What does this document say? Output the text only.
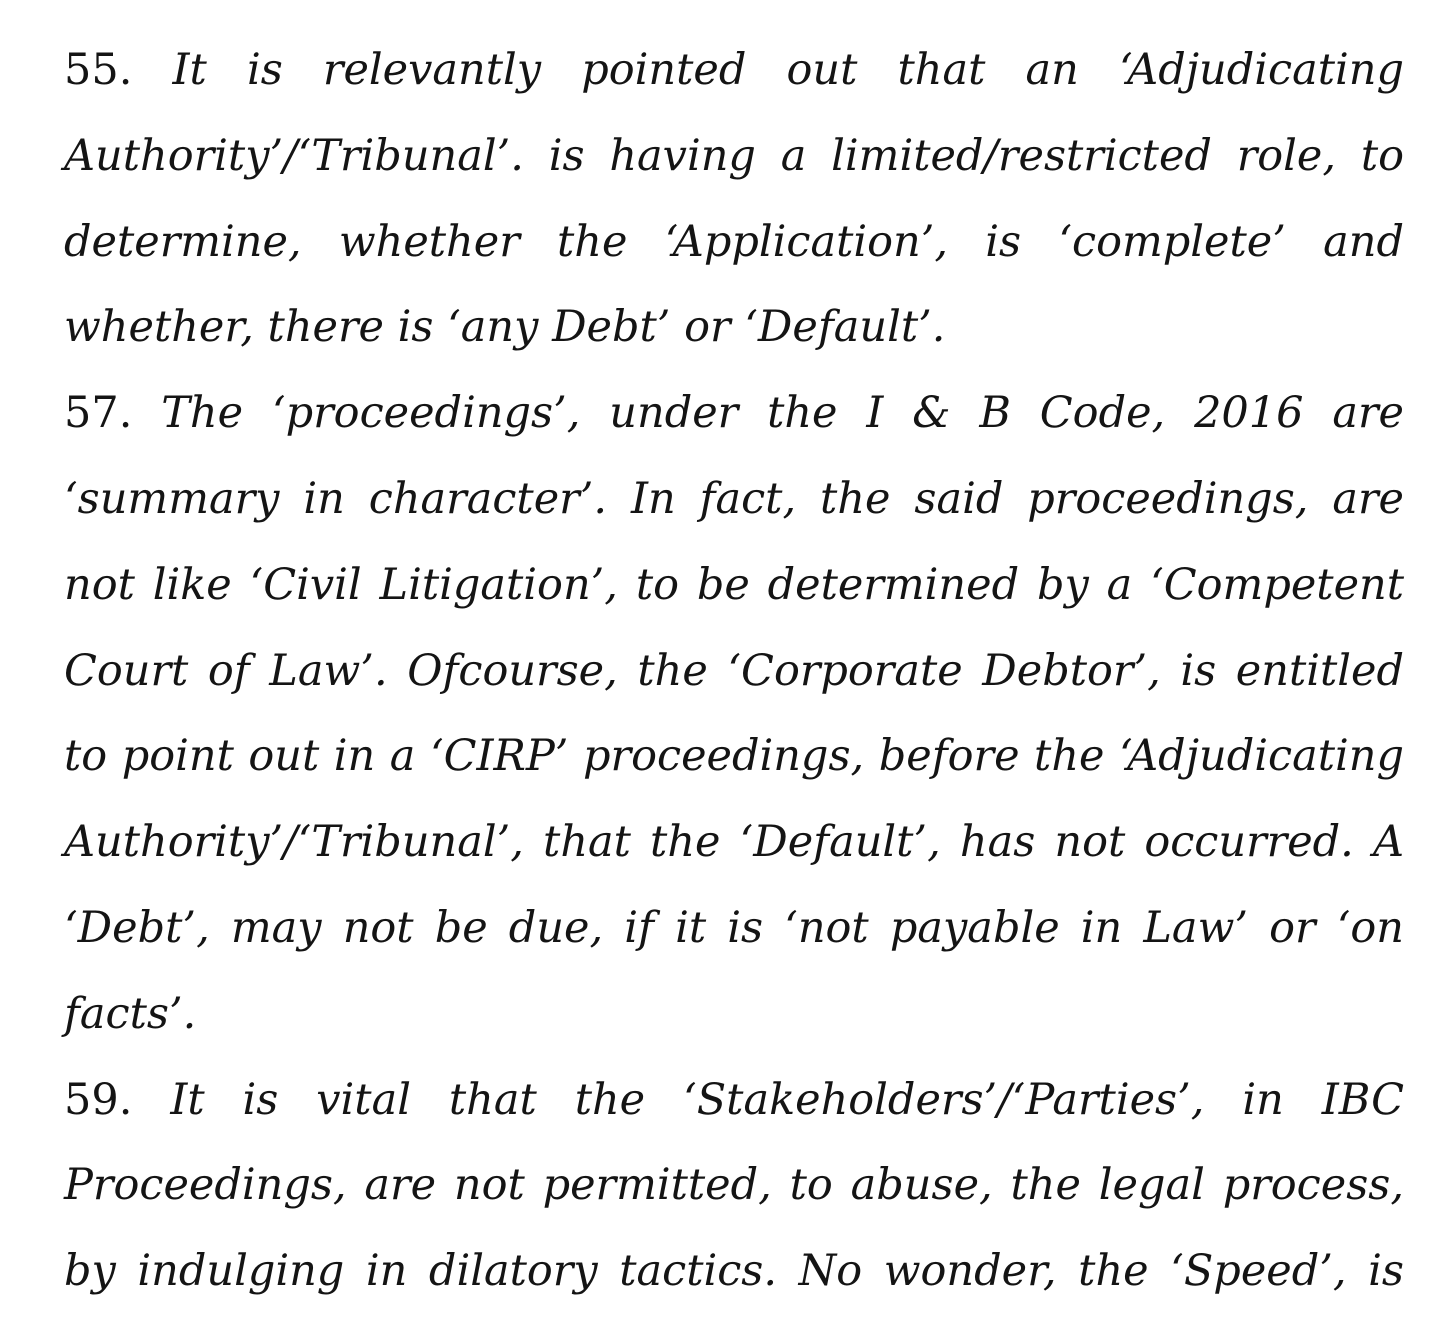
55. It is relevantly pointed out that an ‘Adjudicating Authority’/‘Tribunal’. is having a limited/restricted role, to determine, whether the ‘Application’, is ‘complete’ and whether, there is ‘any Debt’ or ‘Default’.

57. The ‘proceedings’, under the I & B Code, 2016 are ‘summary in character’. In fact, the said proceedings, are not like ‘Civil Litigation’, to be determined by a ‘Competent Court of Law’. Ofcourse, the ‘Corporate Debtor’, is entitled to point out in a ‘CIRP’ proceedings, before the ‘Adjudicating Authority’/‘Tribunal’, that the ‘Default’, has not occurred. A ‘Debt’, may not be due, if it is ‘not payable in Law’ or ‘on facts’.

59. It is vital that the ‘Stakeholders’/‘Parties’, in IBC Proceedings, are not permitted, to abuse, the legal process, by indulging in dilatory tactics. No wonder, the ‘Speed’, is
